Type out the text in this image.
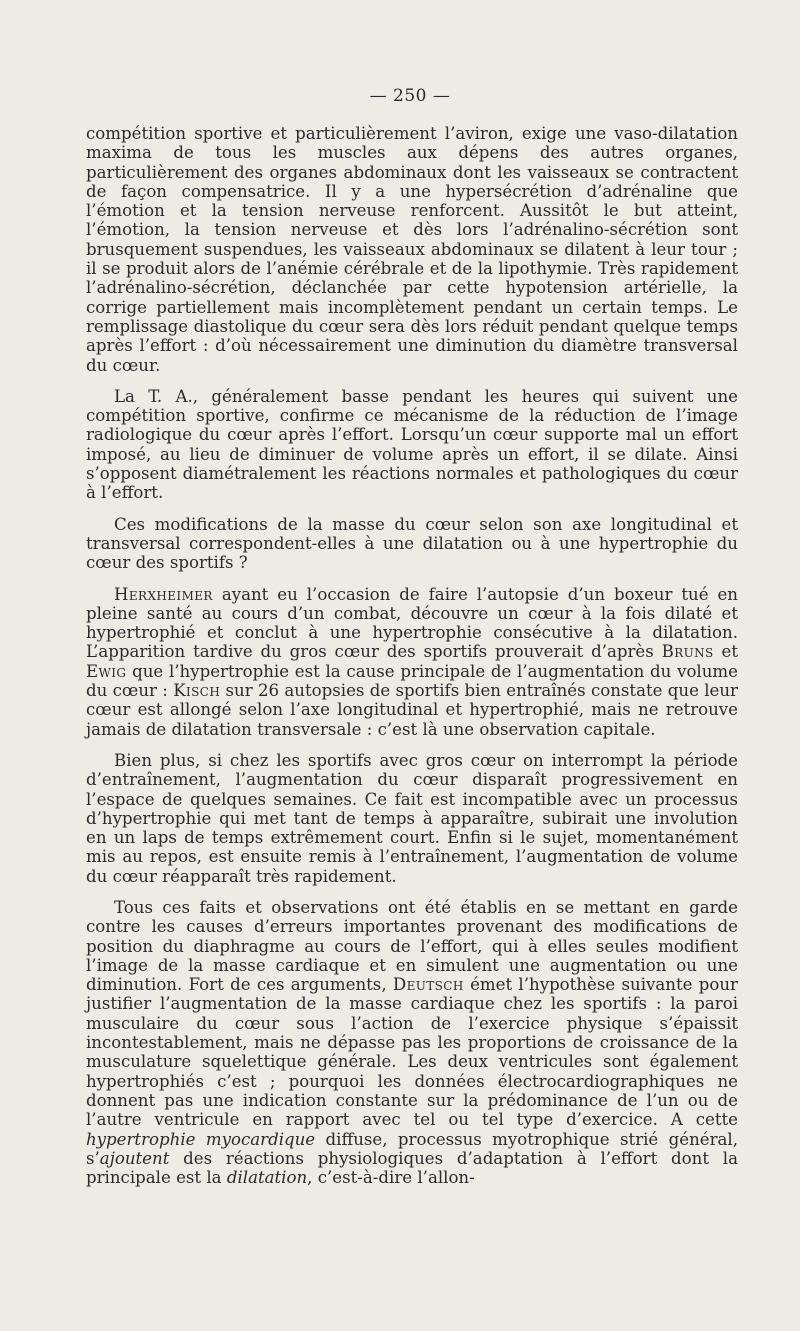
— 250 —

compétition sportive et particulièrement l’aviron, exige une vaso-dilatation maxima de tous les muscles aux dépens des autres organes, particulièrement des organes abdominaux dont les vaisseaux se contractent de façon compensatrice. Il y a une hypersécrétion d’adrénaline que l’émotion et la tension nerveuse renforcent. Aussitôt le but atteint, l’émotion, la tension nerveuse et dès lors l’adrénalino-sécrétion sont brusquement suspendues, les vaisseaux abdominaux se dilatent à leur tour ; il se produit alors de l’anémie cérébrale et de la lipothymie. Très rapidement l’adrénalino-sécrétion, déclanchée par cette hypotension artérielle, la corrige partiellement mais incomplètement pendant un certain temps. Le remplissage diastolique du cœur sera dès lors réduit pendant quelque temps après l’effort : d’où nécessairement une diminution du diamètre transversal du cœur.

La T. A., généralement basse pendant les heures qui suivent une compétition sportive, confirme ce mécanisme de la réduction de l’image radiologique du cœur après l’effort. Lorsqu’un cœur supporte mal un effort imposé, au lieu de diminuer de volume après un effort, il se dilate. Ainsi s’opposent diamétralement les réactions normales et pathologiques du cœur à l’effort.

Ces modifications de la masse du cœur selon son axe longitudinal et transversal correspondent-elles à une dilatation ou à une hypertrophie du cœur des sportifs ?

Herxheimer ayant eu l’occasion de faire l’autopsie d’un boxeur tué en pleine santé au cours d’un combat, découvre un cœur à la fois dilaté et hypertrophié et conclut à une hypertrophie consécutive à la dilatation. L’apparition tardive du gros cœur des sportifs prouverait d’après Bruns et Ewig que l’hypertrophie est la cause principale de l’augmentation du volume du cœur : Kisch sur 26 autopsies de sportifs bien entraînés constate que leur cœur est allongé selon l’axe longitudinal et hypertrophié, mais ne retrouve jamais de dilatation transversale : c’est là une observation capitale.

Bien plus, si chez les sportifs avec gros cœur on interrompt la période d’entraînement, l’augmentation du cœur disparaît progressivement en l’espace de quelques semaines. Ce fait est incompatible avec un processus d’hypertrophie qui met tant de temps à apparaître, subirait une involution en un laps de temps extrêmement court. Enfin si le sujet, momentanément mis au repos, est ensuite remis à l’entraînement, l’augmentation de volume du cœur réapparaît très rapidement.

Tous ces faits et observations ont été établis en se mettant en garde contre les causes d’erreurs importantes provenant des modifications de position du diaphragme au cours de l’effort, qui à elles seules modifient l’image de la masse cardiaque et en simulent une augmentation ou une diminution. Fort de ces arguments, Deutsch émet l’hypothèse suivante pour justifier l’augmentation de la masse cardiaque chez les sportifs : la paroi musculaire du cœur sous l’action de l’exercice physique s’épaissit incontestablement, mais ne dépasse pas les proportions de croissance de la musculature squelettique générale. Les deux ventricules sont également hypertrophiés c’est ; pourquoi les données électrocardiographiques ne donnent pas une indication constante sur la prédominance de l’un ou de l’autre ventricule en rapport avec tel ou tel type d’exercice. A cette hypertrophie myocardique diffuse, processus myotrophique strié général, s’ajoutent des réactions physiologiques d’adaptation à l’effort dont la principale est la dilatation, c’est-à-dire l’allon-
